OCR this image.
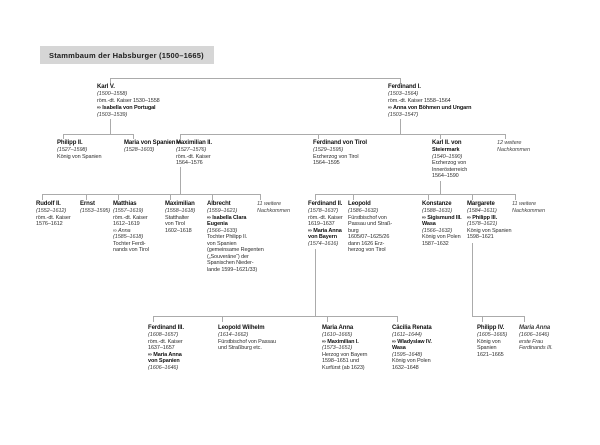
Stammbaum der Habsburger (1500–1665)
Karl V.
(1500–1558)
röm.-dt. Kaiser 1530–1558
∞ Isabella von Portugal
(1503–1539)
Ferdinand I.
(1503–1564)
röm.-dt. Kaiser 1558–1564
∞ Anna von Böhmen und Ungarn
(1503–1547)
Philipp II.
(1527–1598)
König von Spanien
Maria von Spanien ∞
(1528–1603)
Maximilian II.
(1527–1576)
röm.-dt. Kaiser
1564–1576
Ferdinand von Tirol
(1529–1595)
Erzherzog von Tirol
1564–1595
Karl II. von
Steiermark
(1540–1590)
Erzherzog von
Innerösterreich
1564–1590
12 weitere
Nachkommen
Rudolf II.
(1552–1612)
röm.-dt. Kaiser
1576–1612
Ernst
(1553–1595)
Matthias
(1557–1619)
röm.-dt. Kaiser
1612–1619
∞ Anna
(1585–1618)
Tochter Ferdi-
nands von Tirol
Maximilian
(1558–1618)
Statthalter
von Tirol
1602–1618
Albrecht
(1559–1621)
∞ Isabella Clara
Eugenia
(1566–1633)
Tochter Philipp II.
von Spanien
(gemeinsame Regenten
(„Souveräne“) der
Spanischen Nieder-
lande 1599–1621/33)
11 weitere
Nachkommen
Ferdinand II.
(1578–1637)
röm.-dt. Kaiser
1619–1637
∞ Maria Anna
von Bayern
(1574–1616)
Leopold
(1586–1632)
Fürstbischof von
Passau und Straß-
burg
1605/07–1625/26
dann 1626 Erz-
herzog von Tirol
Konstanze
(1588–1631)
∞ Sigismund III.
Wasa
(1566–1632)
König von Polen
1587–1632
Margarete
(1584–1611)
∞ Philipp III.
(1578–1621)
König von Spanien
1598–1621
11 weitere
Nachkommen
Ferdinand III.
(1608–1657)
röm.-dt. Kaiser
1637–1657
∞ Maria Anna
von Spanien
(1606–1646)
Leopold Wilhelm
(1614–1662)
Fürstbischof von Passau
und Straßburg etc.
Maria Anna
(1610–1665)
∞ Maximilian I.
(1573–1651)
Herzog von Bayern
1598–1651 und
Kurfürst (ab 1623)
Cäcilia Renata
(1611–1644)
∞ Wladyslaw IV.
Wasa
(1595–1648)
König von Polen
1632–1648
Philipp IV.
(1605–1665)
König von
Spanien
1621–1665
Maria Anna
(1606–1646)
erste Frau
Ferdinands III.
